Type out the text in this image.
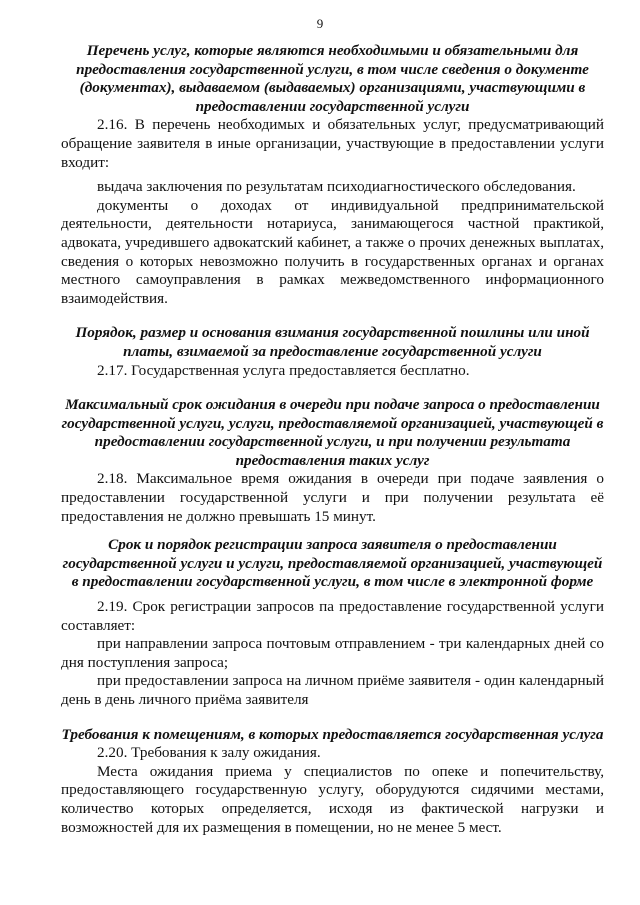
9

Перечень услуг, которые являются необходимыми и обязательными для предоставления государственной услуги, в том числе сведения о документе (документах), выдаваемом (выдаваемых) организациями, участвующими в предоставлении государственной услуги

2.16. В перечень необходимых и обязательных услуг, предусматривающий обращение заявителя в иные организации, участвующие в предоставлении услуги входит:

выдача заключения по результатам психодиагностического обследования.

документы о доходах от индивидуальной предпринимательской деятельности, деятельности нотариуса, занимающегося частной практикой, адвоката, учредившего адвокатский кабинет, а также о прочих денежных выплатах, сведения о которых невозможно получить в государственных органах и органах местного самоуправления в рамках межведомственного информационного взаимодействия.

Порядок, размер и основания взимания государственной пошлины или иной платы, взимаемой за предоставление государственной услуги

2.17. Государственная услуга предоставляется бесплатно.

Максимальный срок ожидания в очереди при подаче запроса о предоставлении государственной услуги, услуги, предоставляемой организацией, участвующей в предоставлении государственной услуги, и при получении результата предоставления таких услуг

2.18. Максимальное время ожидания в очереди при подаче заявления о предоставлении государственной услуги и при получении результата её предоставления не должно превышать 15 минут.

Срок и порядок регистрации запроса заявителя о предоставлении государственной услуги и услуги, предоставляемой организацией, участвующей в предоставлении государственной услуги, в том числе в электронной форме

2.19. Срок регистрации запросов па предоставление государственной услуги составляет:

при направлении запроса почтовым отправлением - три календарных дней со дня поступления запроса;

при предоставлении запроса на личном приёме заявителя - один календарный день в день личного приёма заявителя

Требования к помещениям, в которых предоставляется государственная услуга

2.20. Требования к залу ожидания.

Места ожидания приема у специалистов по опеке и попечительству, предоставляющего государственную услугу, оборудуются сидячими местами, количество которых определяется, исходя из фактической нагрузки и возможностей для их размещения в помещении, но не менее 5 мест.
